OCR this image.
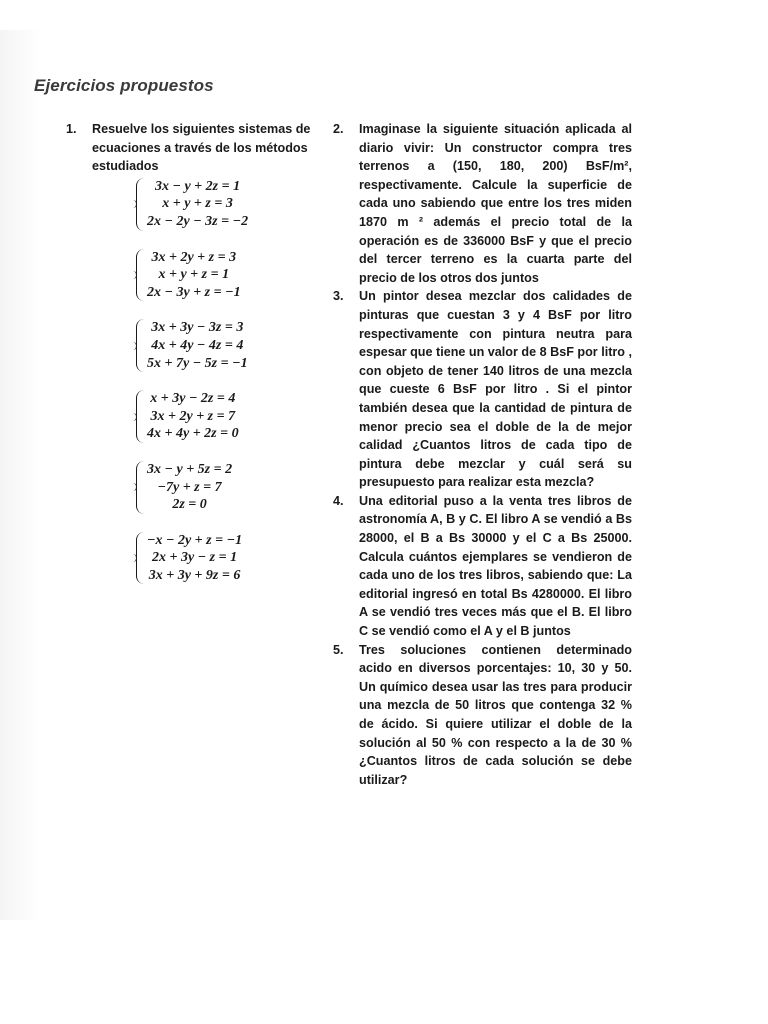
Ejercicios propuestos
1.	Resuelve los siguientes sistemas de ecuaciones a través de los métodos estudiados
3x − y + 2z = 1
x + y + z = 3
2x − 2y − 3z = −2
3x + 2y + z = 3
x + y + z = 1
2x − 3y + z = −1
3x + 3y − 3z = 3
4x + 4y − 4z = 4
5x + 7y − 5z = −1
x + 3y − 2z = 4
3x + 2y + z = 7
4x + 4y + 2z = 0
3x − y + 5z = 2
−7y + z = 7
2z = 0
−x − 2y + z = −1
2x + 3y − z = 1
3x + 3y + 9z = 6
2.	Imaginase la siguiente situación aplicada al diario vivir: Un constructor compra tres terrenos a (150, 180, 200) BsF/m², respectivamente. Calcule la superficie de cada uno sabiendo que entre los tres miden 1870 m ² además el precio total de la operación es de 336000 BsF y que el precio del tercer terreno es la cuarta parte del precio de los otros dos juntos
3.	Un pintor desea mezclar dos calidades de pinturas que cuestan 3 y 4 BsF por litro respectivamente con pintura neutra para espesar que tiene un valor de 8 BsF por litro , con objeto de tener 140 litros de una mezcla que cueste 6 BsF por litro . Si el pintor también desea que la cantidad de pintura de menor precio sea el doble de la de mejor calidad ¿Cuantos litros de cada tipo de pintura debe mezclar y cuál será su presupuesto para realizar esta mezcla?
4.	Una editorial puso a la venta tres libros de astronomía A, B y C. El libro A se vendió a Bs 28000, el B a Bs 30000 y el C a Bs 25000. Calcula cuántos ejemplares se vendieron de cada uno de los tres libros, sabiendo que: La editorial ingresó en total Bs 4280000. El libro A se vendió tres veces más que el B. El libro C se vendió como el A y el B juntos
5.	Tres soluciones contienen determinado acido en diversos porcentajes: 10, 30 y 50. Un químico desea usar las tres para producir una mezcla de 50 litros que contenga 32 % de ácido. Si quiere utilizar el doble de la solución al 50 % con respecto a la de 30 % ¿Cuantos litros de cada solución se debe utilizar?
